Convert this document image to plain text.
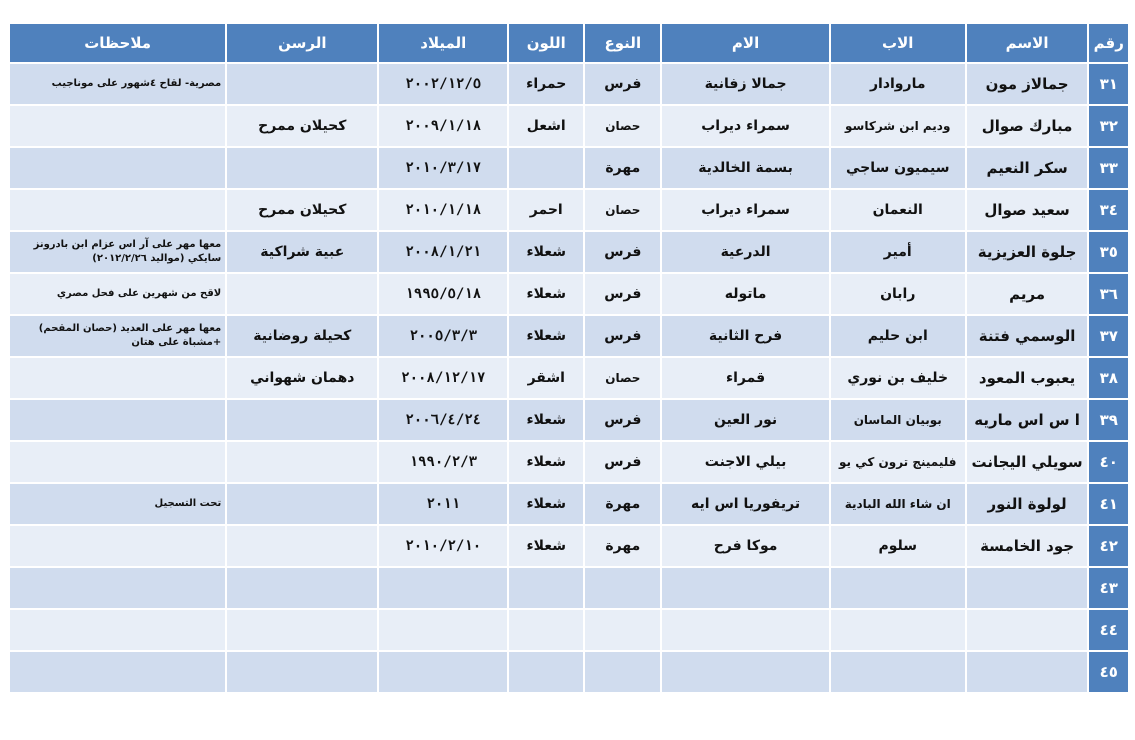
رقم	الاسم	الاب	الام	النوع	اللون	الميلاد	الرسن	ملاحظات
٣١	جمالاز مون	ماروادار	جمالا زفانية	فرس	حمراء	٢٠٠٢/١٢/٥		مصرية- لقاح ٤شهور على موناجيب
٣٢	مبارك صوال	وديم ابن شركاسو	سمراء ديراب	حصان	اشعل	٢٠٠٩/١/١٨	كحيلان ممرح	
٣٣	سكر النعيم	سيميون ساجي	بسمة الخالدية	مهرة		٢٠١٠/٣/١٧		
٣٤	سعيد صوال	النعمان	سمراء ديراب	حصان	احمر	٢٠١٠/١/١٨	كحيلان ممرح	
٣٥	جلوة العزيزية	أمير	الدرعية	فرس	شعلاء	٢٠٠٨/١/٢١	عبية شراكية	معها مهر على آر اس عزام ابن بادرونز سايكي (مواليد ٢٠١٢/٢/٢٦)
٣٦	مريم	رابان	ماتوله	فرس	شعلاء	١٩٩٥/٥/١٨		لاقح من شهرين على فحل مصري
٣٧	الوسمي فتنة	ابن حليم	فرح الثانية	فرس	شعلاء	٢٠٠٥/٣/٣	كحيلة روضانية	معها مهر على العديد (حصان المقحم) +مشباة على هتان
٣٨	يعبوب المعود	خليف بن نوري	قمراء	حصان	اشقر	٢٠٠٨/١٢/١٧	دهمان شهواني	
٣٩	ا س اس ماريه	بوبيان الماسان	نور العين	فرس	شعلاء	٢٠٠٦/٤/٢٤		
٤٠	سويلي اليجانت	فليمينج ترون كي يو	بيلي الاجنت	فرس	شعلاء	١٩٩٠/٢/٣		
٤١	لولوة النور	ان شاء الله البادية	تريفوريا اس ايه	مهرة	شعلاء	٢٠١١		تحت التسجيل
٤٢	جود الخامسة	سلوم	موكا فرح	مهرة	شعلاء	٢٠١٠/٢/١٠		
٤٣								
٤٤								
٤٥								
